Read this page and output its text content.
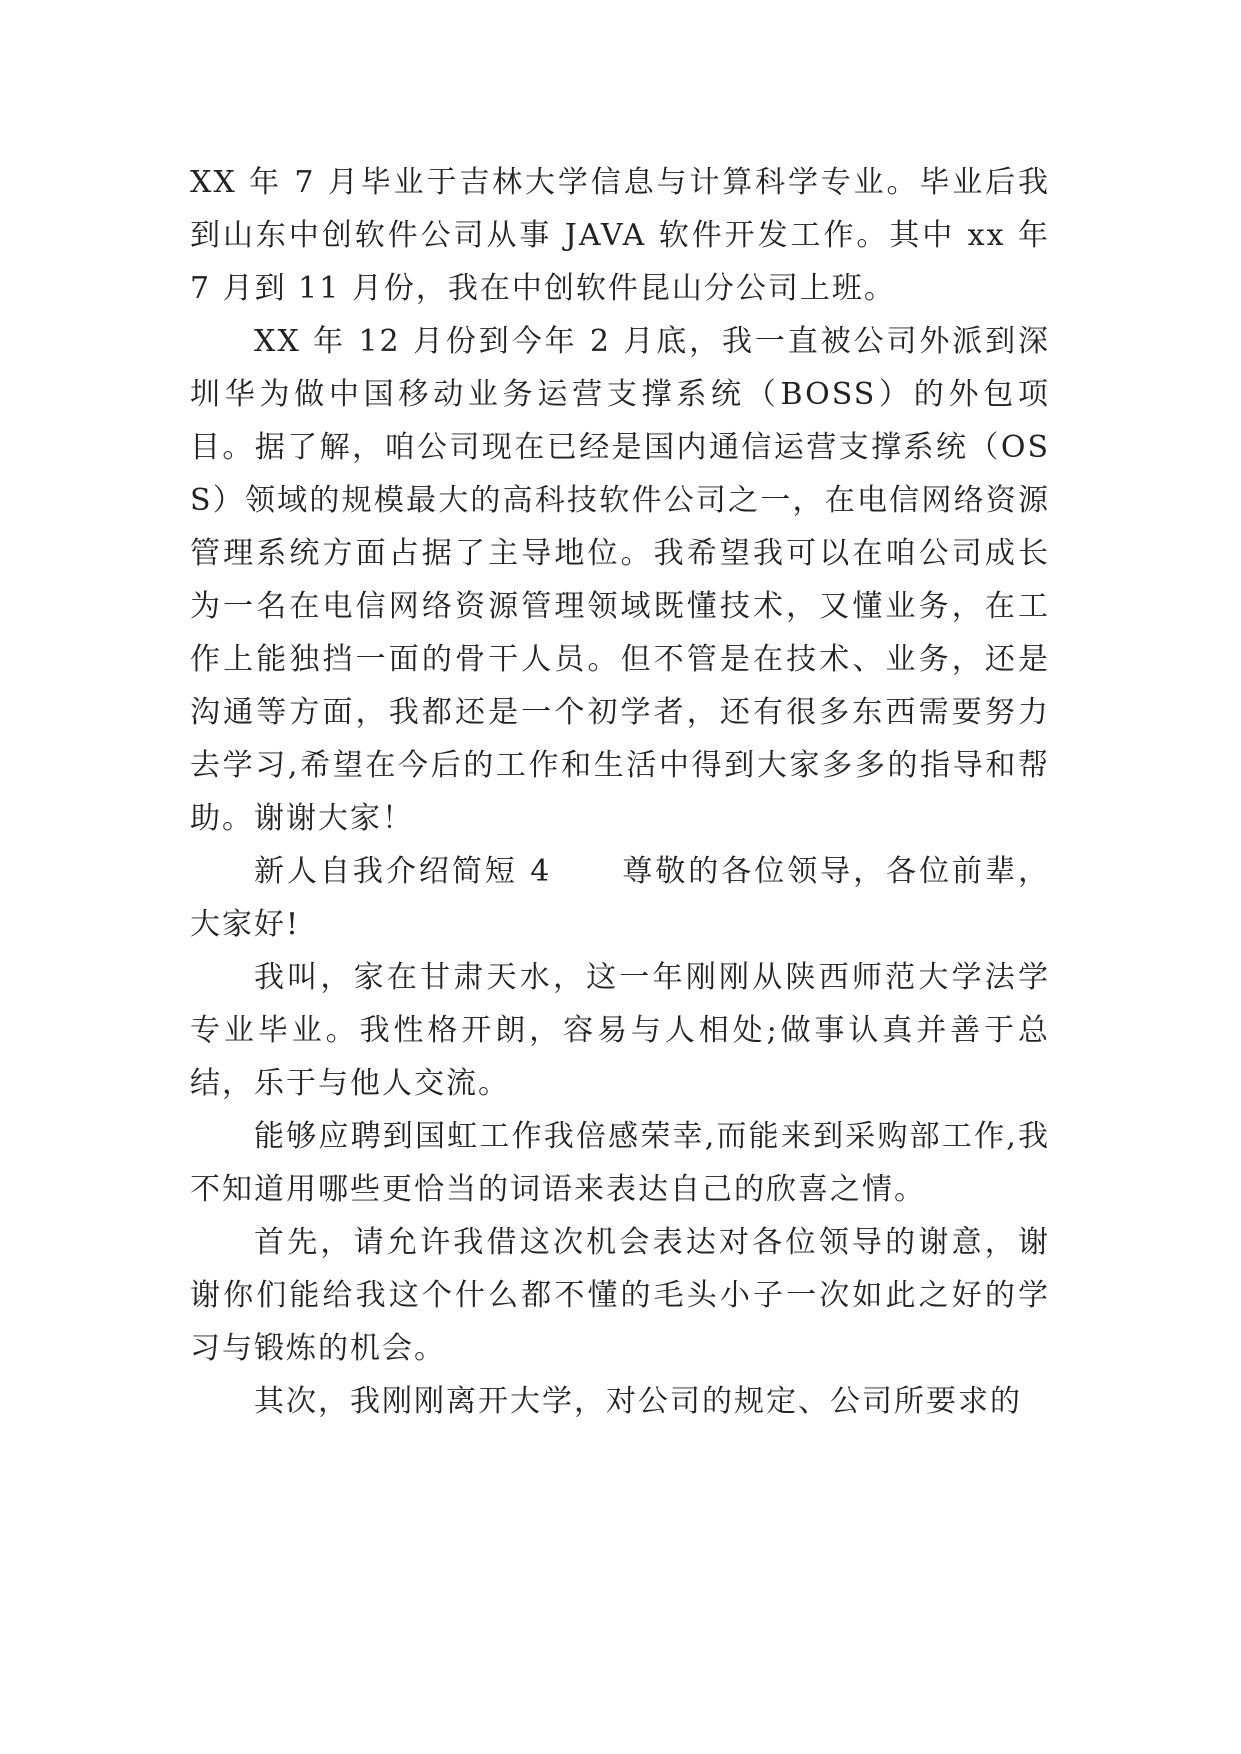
XX 年 7 月毕业于吉林大学信息与计算科学专业。毕业后我到山东中创软件公司从事 JAVA 软件开发工作。其中 xx 年 7 月到 11 月份，我在中创软件昆山分公司上班。

XX 年 12 月份到今年 2 月底，我一直被公司外派到深圳华为做中国移动业务运营支撑系统（BOSS）的外包项目。据了解，咱公司现在已经是国内通信运营支撑系统（OSS）领域的规模最大的高科技软件公司之一，在电信网络资源管理系统方面占据了主导地位。我希望我可以在咱公司成长为一名在电信网络资源管理领域既懂技术，又懂业务，在工作上能独挡一面的骨干人员。但不管是在技术、业务，还是沟通等方面，我都还是一个初学者，还有很多东西需要努力去学习,希望在今后的工作和生活中得到大家多多的指导和帮助。谢谢大家！

新人自我介绍简短 4 尊敬的各位领导，各位前辈，大家好!

我叫，家在甘肃天水，这一年刚刚从陕西师范大学法学专业毕业。我性格开朗，容易与人相处;做事认真并善于总结，乐于与他人交流。

能够应聘到国虹工作我倍感荣幸,而能来到采购部工作,我不知道用哪些更恰当的词语来表达自己的欣喜之情。

首先，请允许我借这次机会表达对各位领导的谢意，谢谢你们能给我这个什么都不懂的毛头小子一次如此之好的学习与锻炼的机会。

其次，我刚刚离开大学，对公司的规定、公司所要求的
